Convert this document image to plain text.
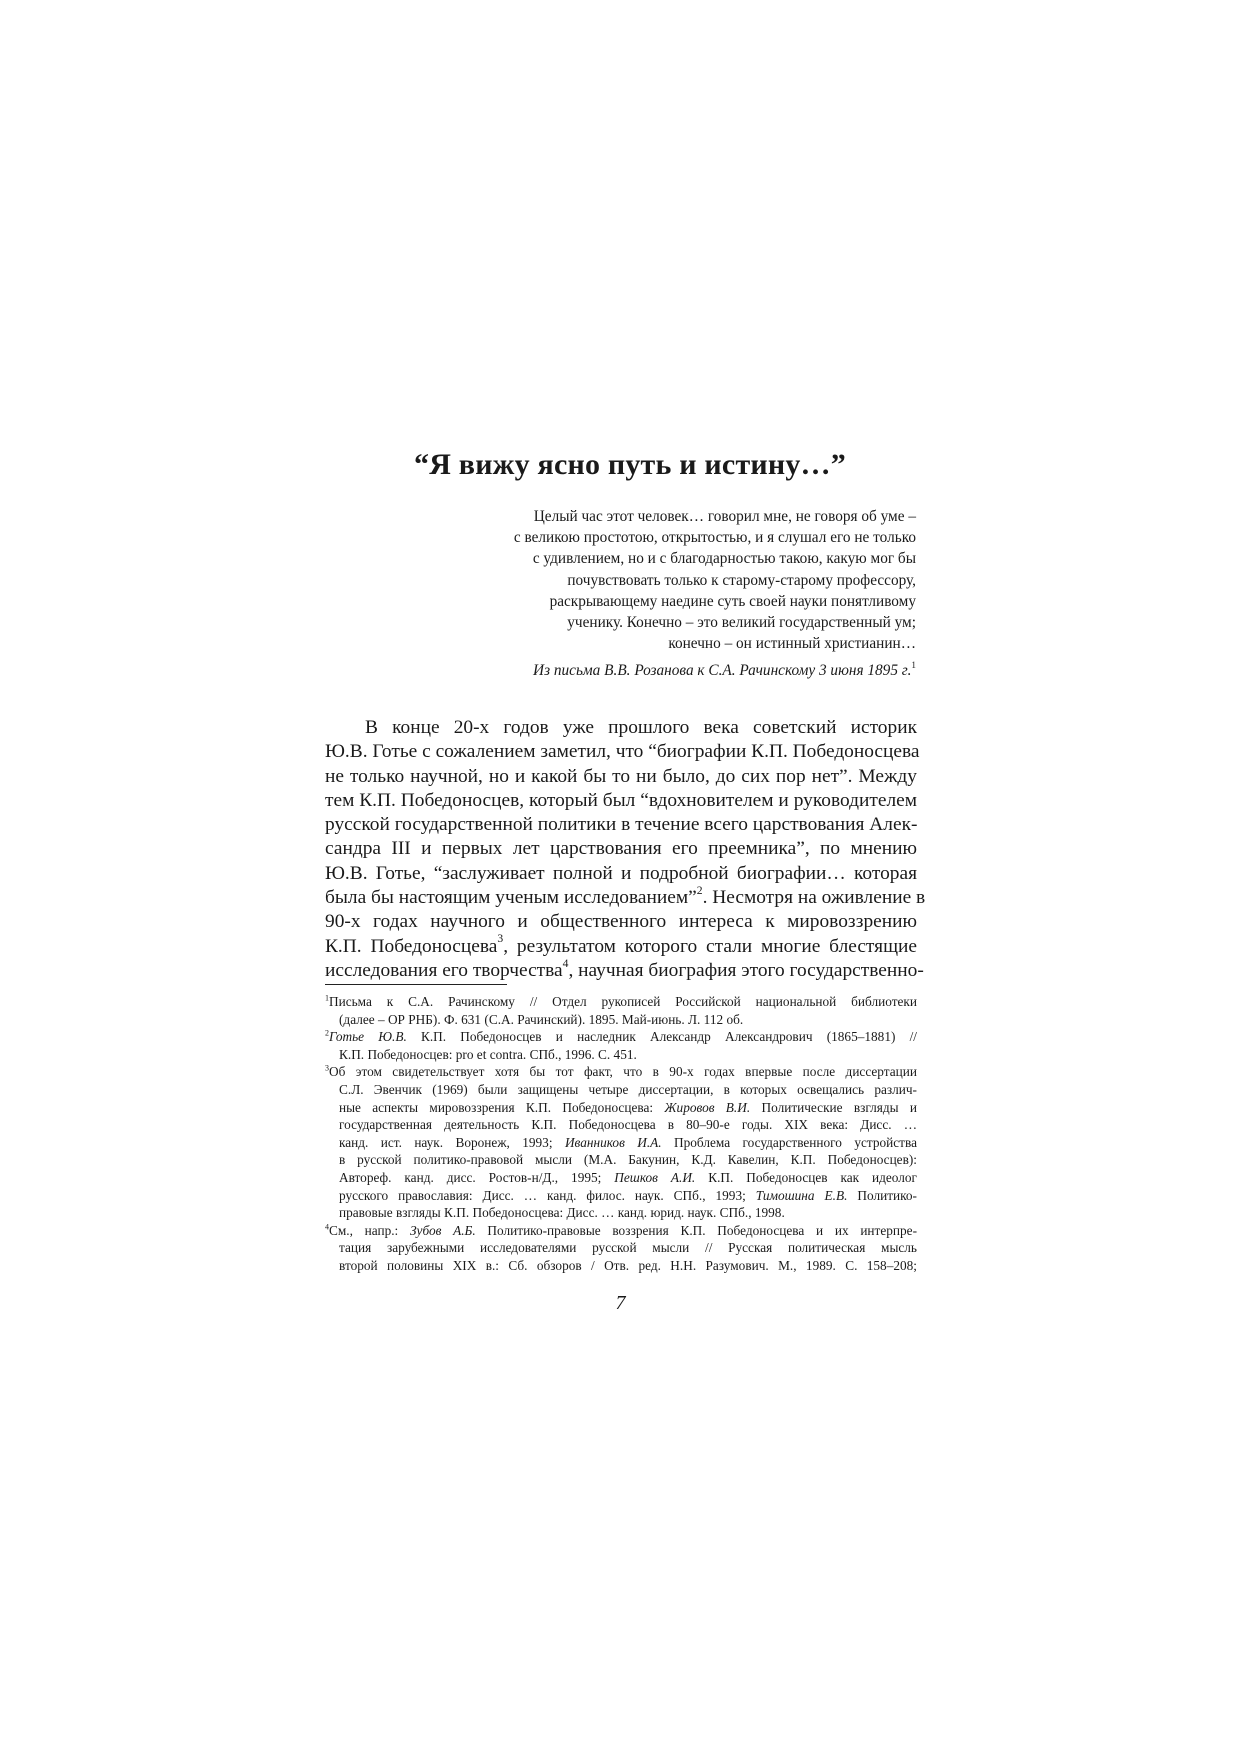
“Я вижу ясно путь и истину…”
Целый час этот человек… говорил мне, не говоря об уме –
с великою простотою, открытостью, и я слушал его не только
с удивлением, но и с благодарностью такою, какую мог бы
почувствовать только к старому-старому профессору,
раскрывающему наедине суть своей науки понятливому
ученику. Конечно – это великий государственный ум;
конечно – он истинный христианин…

Из письма В.В. Розанова к С.А. Рачинскому 3 июня 1895 г.$^1$

В конце 20-х годов уже прошлого века советский историк
Ю.В. Готье с сожалением заметил, что “биографии К.П. Победоносцева
не только научной, но и какой бы то ни было, до сих пор нет”. Между
тем К.П. Победоносцев, который был “вдохновителем и руководителем
русской государственной политики в течение всего царствования Алек-
сандра III и первых лет царствования его преемника”, по мнению
Ю.В. Готье, “заслуживает полной и подробной биографии… которая
была бы настоящим ученым исследованием”$^2$. Несмотря на оживление в
90-х годах научного и общественного интереса к мировоззрению
К.П. Победоносцева$^3$, результатом которого стали многие блестящие
исследования его творчества$^4$, научная биография этого государственно-
$^1$Письма к С.А. Рачинскому // Отдел рукописей Российской национальной библиотеки
(далее – ОР РНБ). Ф. 631 (С.А. Рачинский). 1895. Май-июнь. Л. 112 об.
$^2$Готье Ю.В. К.П. Победоносцев и наследник Александр Александрович (1865–1881) //
К.П. Победоносцев: pro et contra. СПб., 1996. С. 451.
$^3$Об этом свидетельствует хотя бы тот факт, что в 90-х годах впервые после диссертации
С.Л. Эвенчик (1969) были защищены четыре диссертации, в которых освещались различ-
ные аспекты мировоззрения К.П. Победоносцева: Жировов В.И. Политические взгляды и
государственная деятельность К.П. Победоносцева в 80–90-е годы. XIX века: Дисс. …
канд. ист. наук. Воронеж, 1993; Иванников И.А. Проблема государственного устройства
в русской политико-правовой мысли (М.А. Бакунин, К.Д. Кавелин, К.П. Победоносцев):
Автореф. канд. дисс. Ростов-н/Д., 1995; Пешков А.И. К.П. Победоносцев как идеолог
русского православия: Дисс. … канд. филос. наук. СПб., 1993; Тимошина Е.В. Политико-
правовые взгляды К.П. Победоносцева: Дисс. … канд. юрид. наук. СПб., 1998.
$^4$См., напр.: Зубов А.Б. Политико-правовые воззрения К.П. Победоносцева и их интерпре-
тация зарубежными исследователями русской мысли // Русская политическая мысль
второй половины XIX в.: Сб. обзоров / Отв. ред. Н.Н. Разумович. М., 1989. С. 158–208;

7
